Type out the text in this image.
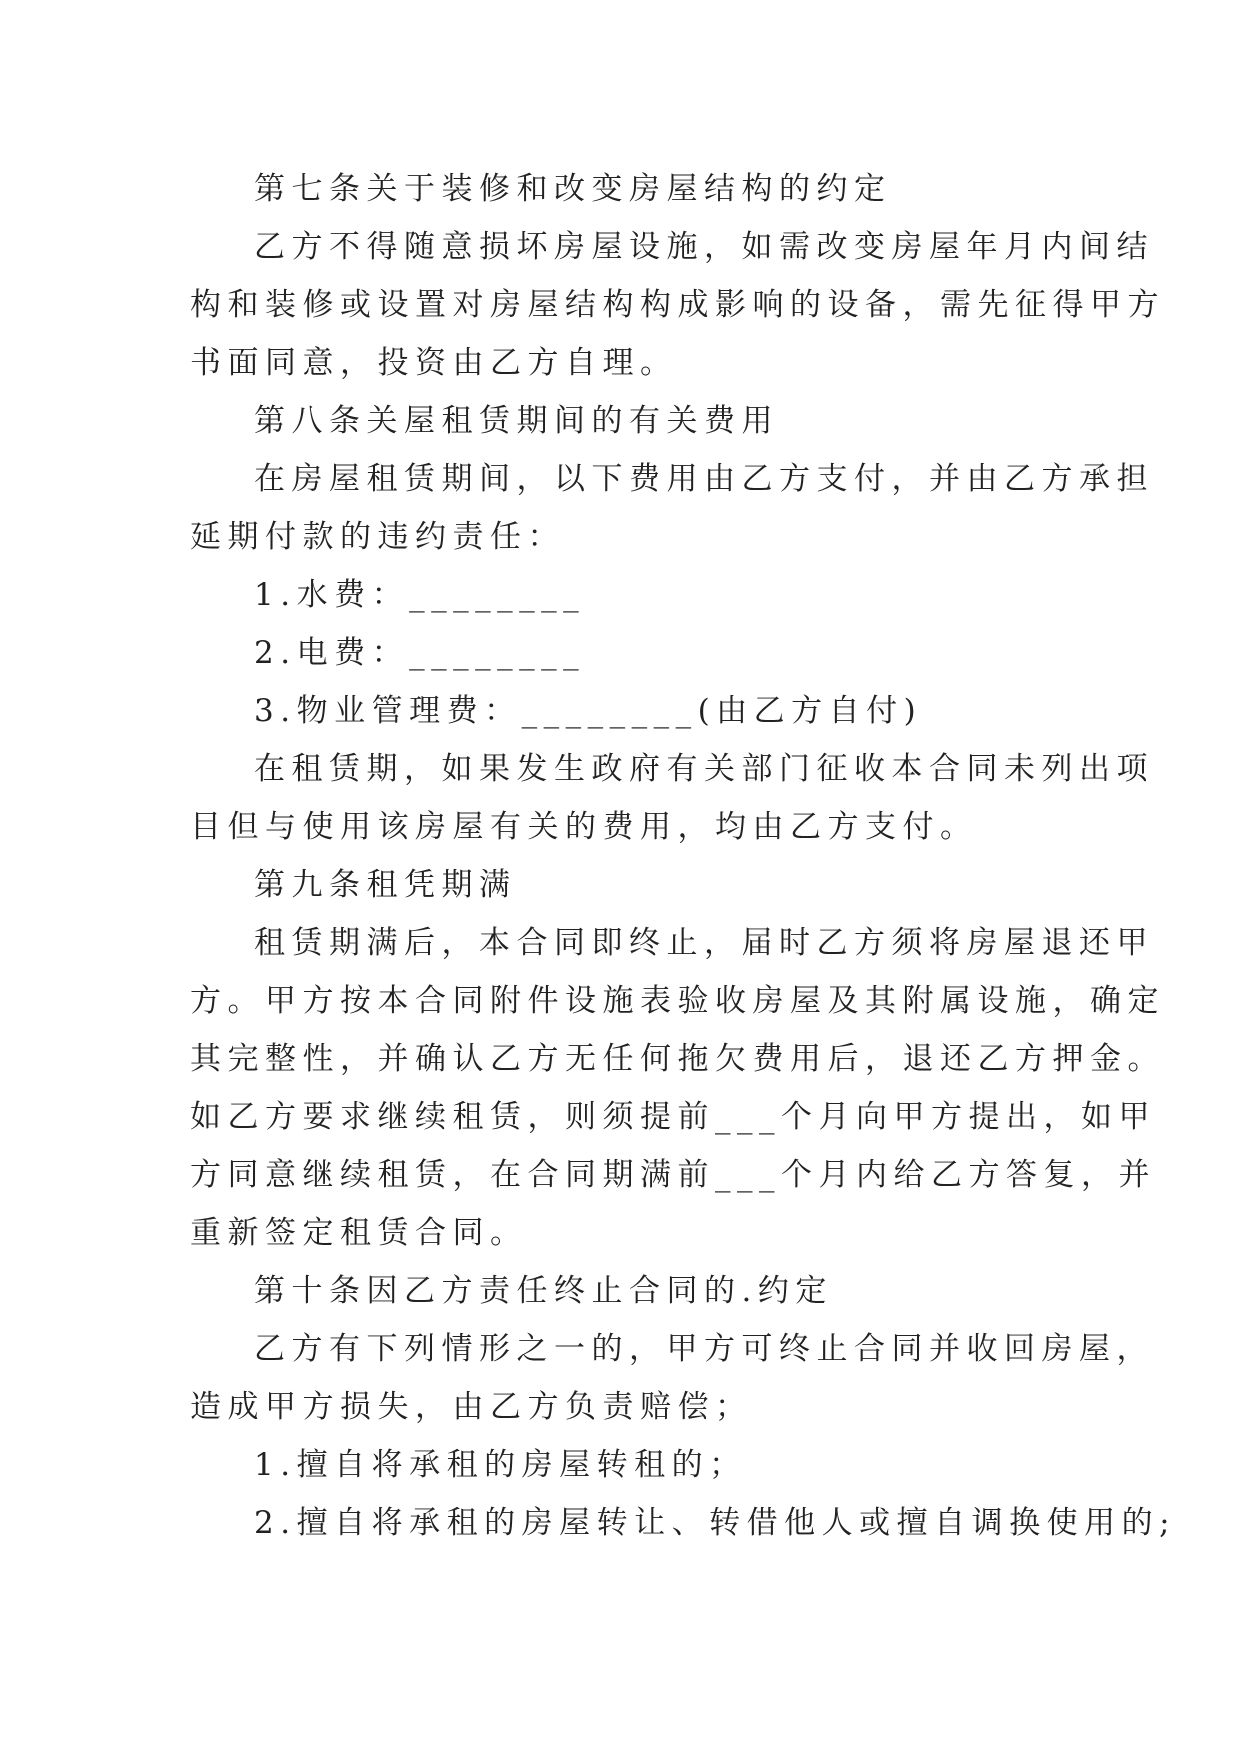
第七条关于装修和改变房屋结构的约定
乙方不得随意损坏房屋设施，如需改变房屋年月内间结
构和装修或设置对房屋结构构成影响的设备，需先征得甲方
书面同意，投资由乙方自理。
第八条关屋租赁期间的有关费用
在房屋租赁期间，以下费用由乙方支付，并由乙方承担
延期付款的违约责任：
1.水费：________
2.电费：________
3.物业管理费：________(由乙方自付)
在租赁期，如果发生政府有关部门征收本合同未列出项
目但与使用该房屋有关的费用，均由乙方支付。
第九条租凭期满
租赁期满后，本合同即终止，届时乙方须将房屋退还甲
方。甲方按本合同附件设施表验收房屋及其附属设施，确定
其完整性，并确认乙方无任何拖欠费用后，退还乙方押金。
如乙方要求继续租赁，则须提前___个月向甲方提出，如甲
方同意继续租赁，在合同期满前___个月内给乙方答复，并
重新签定租赁合同。
第十条因乙方责任终止合同的.约定
乙方有下列情形之一的，甲方可终止合同并收回房屋，
造成甲方损失，由乙方负责赔偿；
1.擅自将承租的房屋转租的；
2.擅自将承租的房屋转让、转借他人或擅自调换使用的;
